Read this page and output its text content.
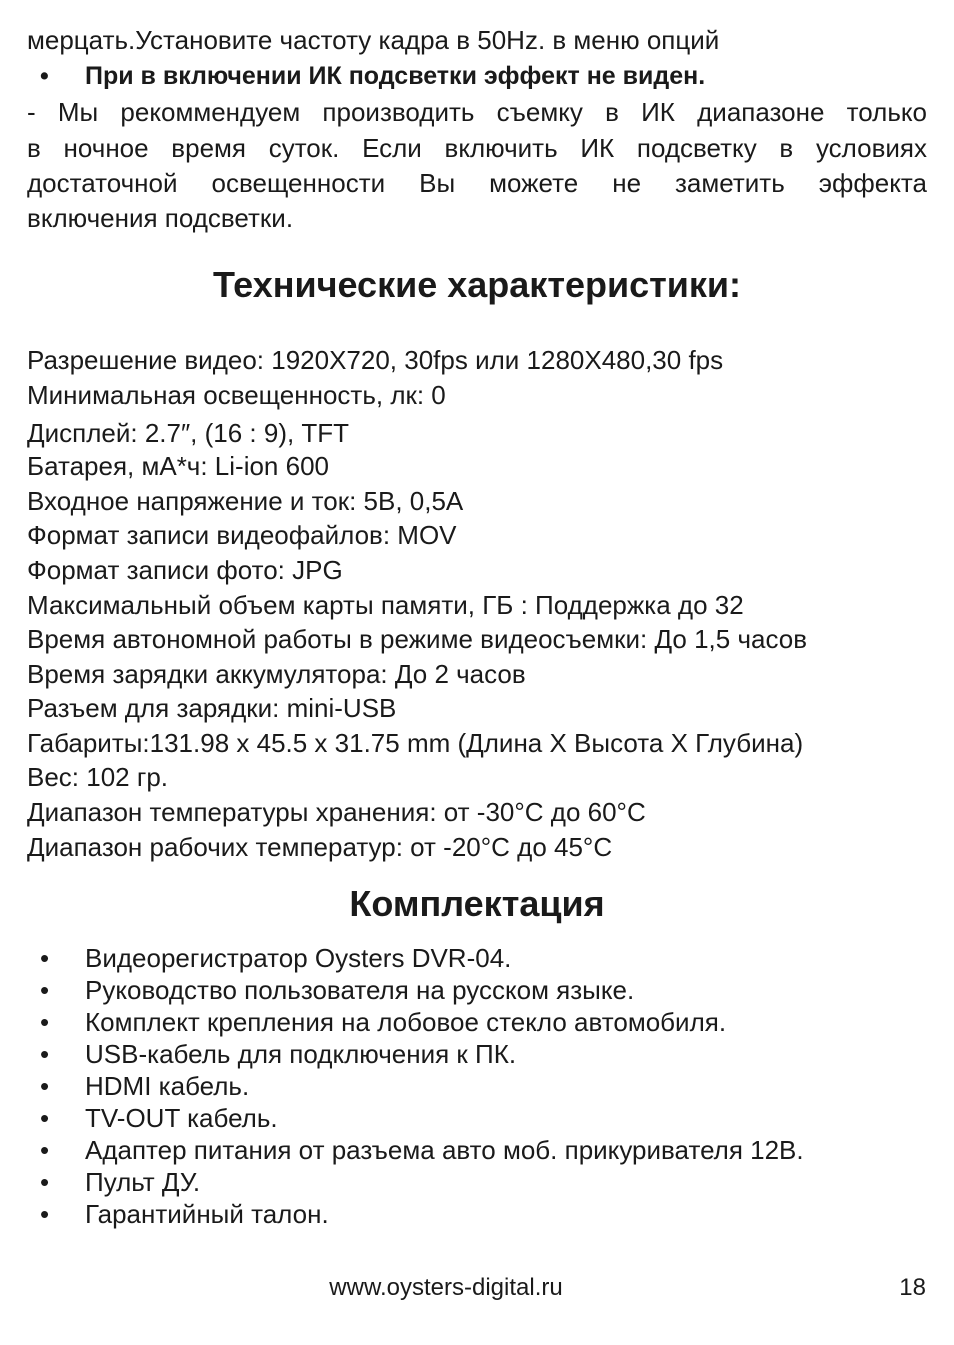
мерцать.Установите частоту кадра в 50Hz. в меню опций
• При в включении ИК подсветки эффект не виден.
- Мы рекоммендуем производить съемку в ИК диапазоне только
в ночное время суток. Если включить ИК подсветку в условиях
достаточной освещенности Вы можете не заметить эффекта
включения подсветки.
Технические характеристики:
Разрешение видео: 1920X720, 30fps или 1280X480,30 fps
Минимальная освещенность, лк: 0
Дисплей: 2.7″, (16 : 9), TFT
Батарея, мА*ч: Li-ion 600
Входное напряжение и ток: 5В, 0,5А
Формат записи видеофайлов: MOV
Формат записи фото: JPG
Максимальный объем карты памяти, ГБ : Поддержка до 32
Время автономной работы в режиме видеосъемки: До 1,5 часов
Время зарядки аккумулятора: До 2 часов
Разъем для зарядки: mini-USB
Габариты:131.98 x 45.5 x 31.75 mm (Длина X Высота X Глубина)
Вес: 102 гр.
Диапазон температуры хранения: от -30°С до 60°С
Диапазон рабочих температур: от -20°С до 45°С
Комплектация
• Видеорегистратор Oysters DVR-04.
• Руководство пользователя на русском языке.
• Комплект крепления на лобовое стекло автомобиля.
• USB-кабель для подключения к ПК.
• HDMI кабель.
• TV-OUT кабель.
• Адаптер питания от разъема авто моб. прикуривателя 12В.
• Пульт ДУ.
• Гарантийный талон.
www.oysters-digital.ru	18
